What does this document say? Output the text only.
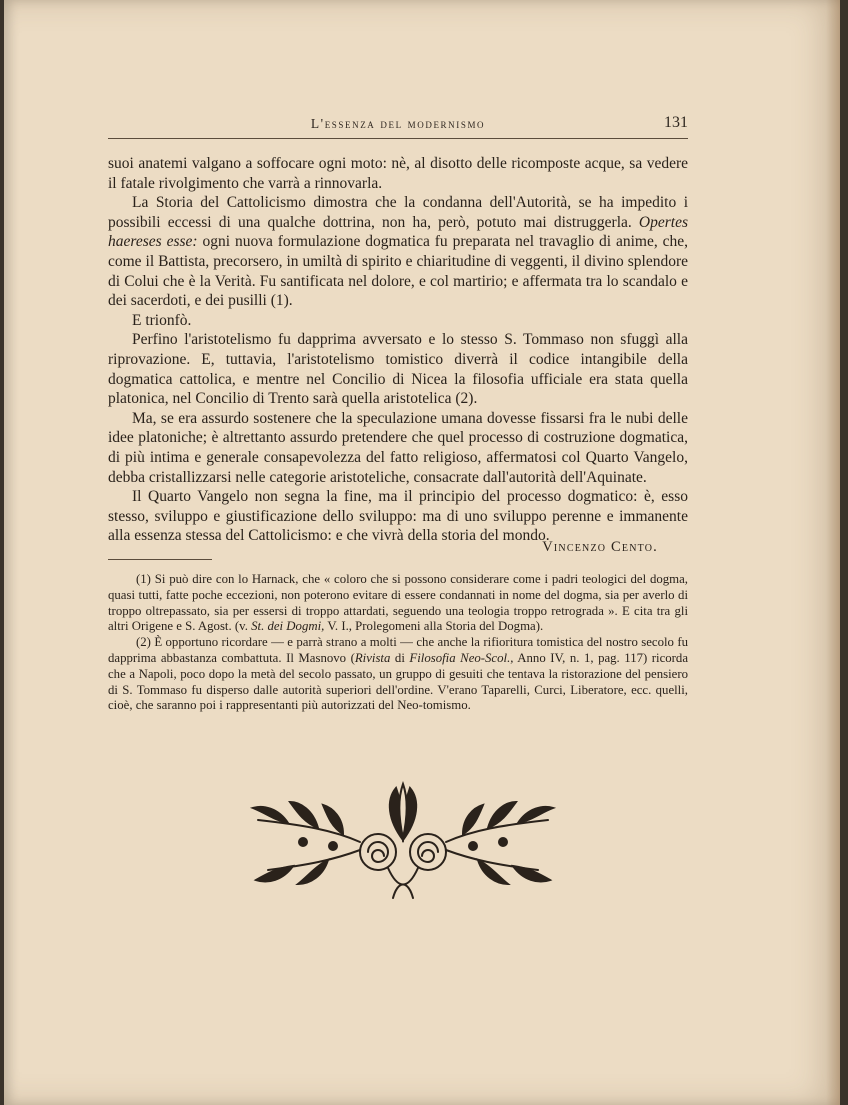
L'essenza del modernismo	131

suoi anatemi valgano a soffocare ogni moto: nè, al disotto delle ricomposte acque, sa vedere il fatale rivolgimento che varrà a rinnovarla.

La Storia del Cattolicismo dimostra che la condanna dell'Autorità, se ha impedito i possibili eccessi di una qualche dottrina, non ha, però, potuto mai distruggerla. Opertes haereses esse: ogni nuova formulazione dogmatica fu preparata nel travaglio di anime, che, come il Battista, precorsero, in umiltà di spirito e chiaritudine di veggenti, il divino splendore di Colui che è la Verità. Fu santificata nel dolore, e col martirio; e affermata tra lo scandalo e dei sacerdoti, e dei pusilli (1).

E trionfò.

Perfino l'aristotelismo fu dapprima avversato e lo stesso S. Tommaso non sfuggì alla riprovazione. E, tuttavia, l'aristotelismo tomistico diverrà il codice intangibile della dogmatica cattolica, e mentre nel Concilio di Nicea la filosofia ufficiale era stata quella platonica, nel Concilio di Trento sarà quella aristotelica (2).

Ma, se era assurdo sostenere che la speculazione umana dovesse fissarsi fra le nubi delle idee platoniche; è altrettanto assurdo pretendere che quel processo di costruzione dogmatica, di più intima e generale consapevolezza del fatto religioso, affermatosi col Quarto Vangelo, debba cristallizzarsi nelle categorie aristoteliche, consacrate dall'autorità dell'Aquinate.

Il Quarto Vangelo non segna la fine, ma il principio del processo dogmatico: è, esso stesso, sviluppo e giustificazione dello sviluppo: ma di uno sviluppo perenne e immanente alla essenza stessa del Cattolicismo: e che vivrà della storia del mondo.

Vincenzo Cento.

(1) Si può dire con lo Harnack, che « coloro che si possono considerare come i padri teologici del dogma, quasi tutti, fatte poche eccezioni, non poterono evitare di essere condannati in nome del dogma, sia per averlo di troppo oltrepassato, sia per essersi di troppo attardati, seguendo una teologia troppo retrograda ». E cita tra gli altri Origene e S. Agost. (v. St. dei Dogmi, V. I., Prolegomeni alla Storia del Dogma).

(2) È opportuno ricordare — e parrà strano a molti — che anche la rifioritura tomistica del nostro secolo fu dapprima abbastanza combattuta. Il Masnovo (Rivista di Filosofia Neo-Scol., Anno IV, n. 1, pag. 117) ricorda che a Napoli, poco dopo la metà del secolo passato, un gruppo di gesuiti che tentava la ristorazione del pensiero di S. Tommaso fu disperso dalle autorità superiori dell'ordine. V'erano Taparelli, Curci, Liberatore, ecc. quelli, cioè, che saranno poi i rappresentanti più autorizzati del Neo-tomismo.
